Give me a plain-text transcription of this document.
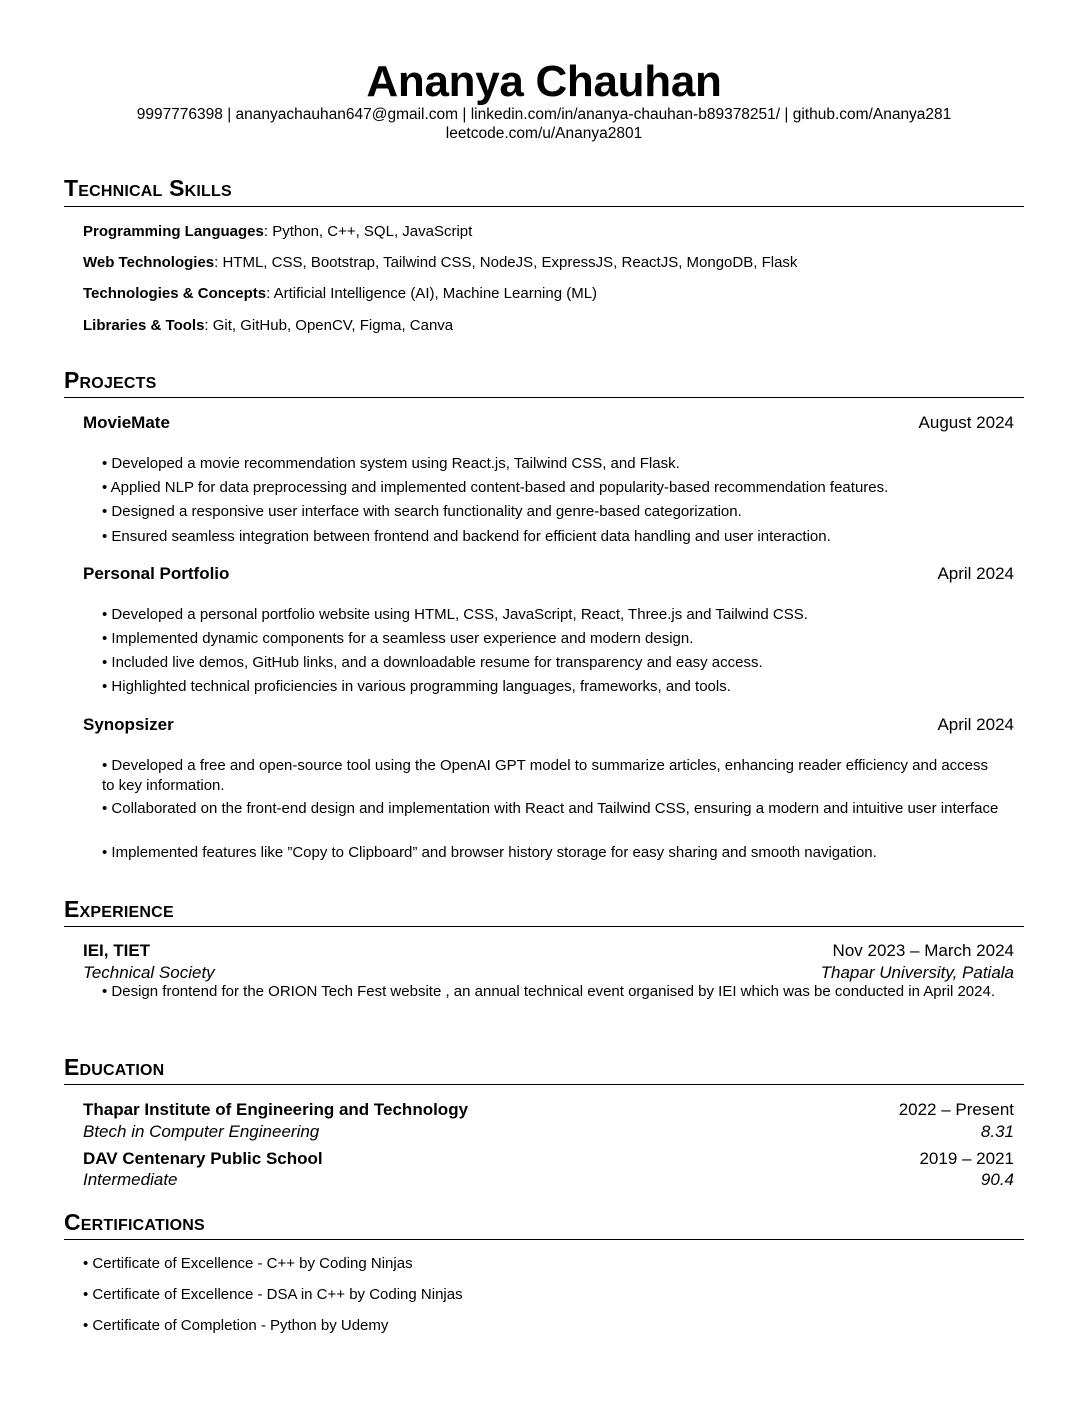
Ananya Chauhan
9997776398 | ananyachauhan647@gmail.com | linkedin.com/in/ananya-chauhan-b89378251/ | github.com/Ananya281
leetcode.com/u/Ananya2801
Technical Skills
Programming Languages: Python, C++, SQL, JavaScript
Web Technologies: HTML, CSS, Bootstrap, Tailwind CSS, NodeJS, ExpressJS, ReactJS, MongoDB, Flask
Technologies & Concepts: Artificial Intelligence (AI), Machine Learning (ML)
Libraries & Tools: Git, GitHub, OpenCV, Figma, Canva
Projects
MovieMate	August 2024
• Developed a movie recommendation system using React.js, Tailwind CSS, and Flask.
• Applied NLP for data preprocessing and implemented content-based and popularity-based recommendation features.
• Designed a responsive user interface with search functionality and genre-based categorization.
• Ensured seamless integration between frontend and backend for efficient data handling and user interaction.
Personal Portfolio	April 2024
• Developed a personal portfolio website using HTML, CSS, JavaScript, React, Three.js and Tailwind CSS.
• Implemented dynamic components for a seamless user experience and modern design.
• Included live demos, GitHub links, and a downloadable resume for transparency and easy access.
• Highlighted technical proficiencies in various programming languages, frameworks, and tools.
Synopsizer	April 2024
• Developed a free and open-source tool using the OpenAI GPT model to summarize articles, enhancing reader efficiency and access to key information.
• Collaborated on the front-end design and implementation with React and Tailwind CSS, ensuring a modern and intuitive user interface
• Implemented features like ”Copy to Clipboard” and browser history storage for easy sharing and smooth navigation.
Experience
IEI, TIET	Nov 2023 – March 2024
Technical Society	Thapar University, Patiala
• Design frontend for the ORION Tech Fest website , an annual technical event organised by IEI which was be conducted in April 2024.
Education
Thapar Institute of Engineering and Technology	2022 – Present
Btech in Computer Engineering	8.31
DAV Centenary Public School	2019 – 2021
Intermediate	90.4
Certifications
• Certificate of Excellence - C++ by Coding Ninjas
• Certificate of Excellence - DSA in C++ by Coding Ninjas
• Certificate of Completion - Python by Udemy
